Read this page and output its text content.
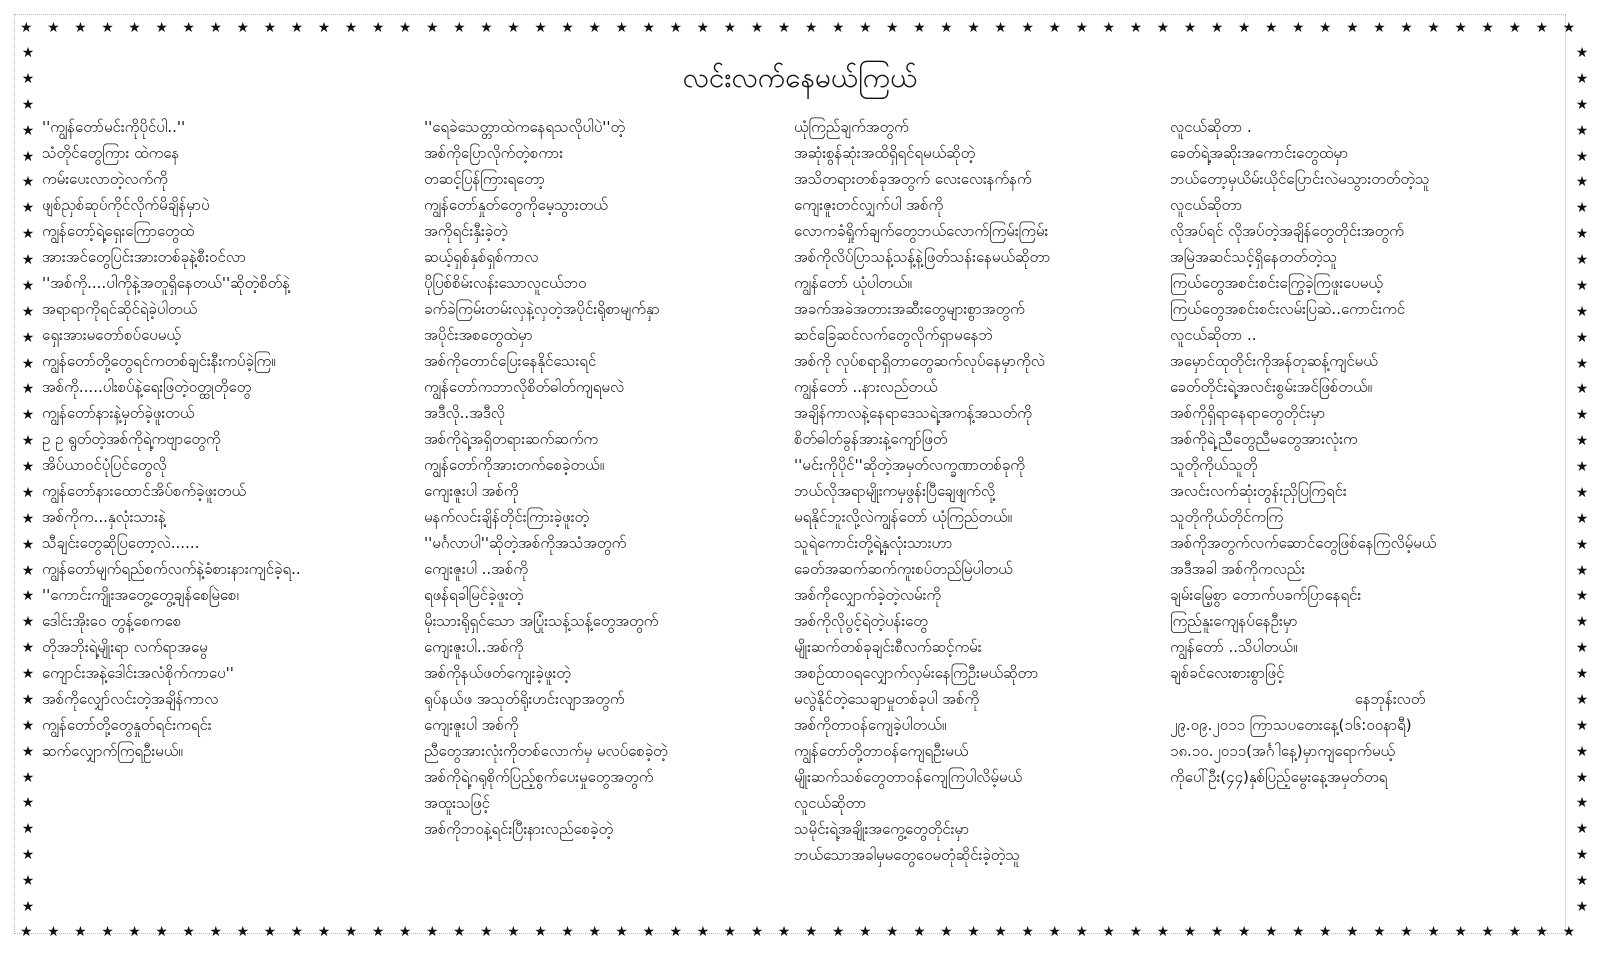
★ ★ ★ ★ ★ ★ ★ ★ ★ ★ ★ ★ ★ ★ ★ ★ ★ ★ ★ ★ ★ ★ ★ ★ ★ ★ ★ ★ ★ ★ ★ ★ ★ ★ ★ ★ ★ ★ ★ ★ ★ ★ ★ ★ ★ ★ ★ ★ ★ ★ ★ ★ ★ ★ ★ ★ ★ ★
★ ★ ★ ★ ★ ★ ★ ★ ★ ★ ★ ★ ★ ★ ★ ★ ★ ★ ★ ★ ★ ★ ★ ★ ★ ★ ★ ★ ★ ★ ★ ★ ★ ★ ★ ★ ★ ★ ★ ★ ★ ★ ★ ★ ★ ★ ★ ★ ★ ★ ★ ★ ★ ★ ★ ★ ★ ★
★
★
★
★
★
★
★
★
★
★
★
★
★
★
★
★
★
★
★
★
★
★
★
★
★
★
★
★
★
★
★
★
★
★
★
★
★
★
★
★
★
★
★
★
★
★
★
★
★
★
★
★
★
★
★
★
★
★
★
★
★
★
★
★
★
★
★
★
လင်းလက်နေမယ်ကြယ်
''ကျွန်တော်မင်းကိုပိုင်ပါ..''
သံတိုင်တွေကြား ထဲကနေ
ကမ်းပေးလာတဲ့လက်ကို
ဖျစ်ညှစ်ဆုပ်ကိုင်လိုက်မိချိန်မှာပဲ
ကျွန်တော့်ရဲ့ရှေးကြောတွေထဲ
အားအင်တွေပြင်းအားတစ်ခုနဲ့စီးဝင်လာ
''အစ်ကို....ပါကိုနဲ့အတူရှိနေတယ်''ဆိုတဲ့စိတ်နဲ့
အရာရာကိုရင်ဆိုင်ရဲခဲ့ပါတယ်
ရှေးအားမတော်စပ်ပေမယ့်
ကျွန်တော်တို့တွေရင်ကတစ်ချင်းနီးကပ်ခဲ့ကြ။
အစ်ကို.....ပါးစပ်နဲ့ရေးဖြတဲ့ဝတ္ထုတိုတွေ
ကျွန်တော်နားနဲ့မှတ်ခဲ့ဖူးတယ်
ဥ ဥ ရွတ်တဲ့အစ်ကိုရဲ့ကဗျာတွေကို
အိပ်ယာဝင်ပုံပြင်တွေလို
ကျွန်တော်နားထောင်အိပ်စက်ခဲ့ဖူးတယ်
အစ်ကိုက...နှလုံးသားနဲ့
သီချင်းတွေဆိုပြတော့လဲ......
ကျွန်တော်မျက်ရည်စက်လက်နဲ့ခံစားနားကျင်ခဲ့ရ..
''ကောင်းကျိုးအတွေ့တွေ့ချန်စေမြဲစေ၊
ဒေါင်းအိုးဝေ တွန့်စေကစေ
တိုအဘိုးရဲ့မျိုးရာ လက်ရာအမွေ
ကျောင်းအနဲ့ဒေါင်းအလံစိုက်ကာပေ''
အစ်ကိုလျှော်လင်းတဲ့အချိန်ကာလ
ကျွန်တော်တို့တွေနှုတ်ရင်းကရင်း
ဆက်လျှောက်ကြရဦးမယ်။
''ရေခဲသေတ္တာထဲကနေရသလိုပါပဲ''တဲ့
အစ်ကိုပြောလိုက်တဲ့စကား
တဆင့်ပြန်ကြားရတော့
ကျွန်တော်နှုတ်တွေကိုမေ့သွားတယ်
အကိုရင်းနှီးခဲ့တဲ့
ဆယ့်ရှစ်နှစ်ရှစ်ကာလ
ပိုပြစ်စိမ်းလန်းသောလူငယ်ဘဝ
ခက်ခဲကြမ်းတမ်းလှနဲ့လှတဲ့အပိုင်းရိုစာမျက်နှာ
အပိုင်းအစတွေထဲမှာ
အစ်ကိုတောင်ပြေးနေနိုင်သေးရင်
ကျွန်တော်ကဘာလိုစိတ်ဓါတ်ကျရမလဲ
အဒီလို..အဒီလို
အစ်ကိုရဲ့အရှိတရားဆက်ဆက်က
ကျွန်တော်ကိုအားတက်စေခဲ့တယ်။
ကျေးဇူးပါ အစ်ကို
မနက်လင်းချိန်တိုင်းကြားခဲ့ဖူးတဲ့
''မင်္ဂလာပါ''ဆိုတဲ့အစ်ကိုအသံအတွက်
ကျေးဇူးပါ ..အစ်ကို
ရဖန်ရခါမြင်ခဲ့ဖူးတဲ့
မိုးသားရိုရှင်သော အပြုံးသန့်သန့်တွေအတွက်
ကျေးဇူးပါ..အစ်ကို
အစ်ကိုနယ်ဖတ်ကျေးခဲ့ဖူးတဲ့
ရုပ်နယ်ဖ အသုတ်ရိုးဟင်းလျာအတွက်
ကျေးဇူးပါ အစ်ကို
ညီတွေအားလုံးကိုတစ်လောက်မှ မလပ်စေခဲ့တဲ့
အစ်ကိုရဲ့ဂရုစိုက်ပြည့်စွက်ပေးမှုတွေအတွက်
အထူးသဖြင့်
အစ်ကိုဘဝနဲ့ရင်းပြီးနားလည်စေခဲ့တဲ့
ယုံကြည်ချက်အတွက်
အဆုံးစွန်ဆုံးအထိရှိရင်ရမယ်ဆိုတဲ့
အသိတရားတစ်ခုအတွက် လေးလေးနက်နက်
ကျေးဇူးတင်လျှက်ပါ အစ်ကို
လောကခံရှိုက်ချက်တွေဘယ်လောက်ကြမ်းကြမ်း
အစ်ကိုလိပ်ပြာသန့်သန့်နဲ့ဖြတ်သန်းနေမယ်ဆိုတာ
ကျွန်တော် ယုံပါတယ်။
အခက်အခဲအတားအဆီးတွေများစွာအတွက်
ဆင်ခြေဆင်လက်တွေလိုက်ရှာမနေဘဲ
အစ်ကို လုပ်စရာရှိတာတွေဆက်လုပ်နေမှာကိုလဲ
ကျွန်တော် ..နားလည်တယ်
အချိန်ကာလနဲ့နေရာဒေသရဲ့အကန့်အသတ်ကို
စိတ်ဓါတ်ခွန်အားနဲ့ကျော်ဖြတ်
''မင်းကိုပိုင်''ဆိုတဲ့အမှတ်လက္ခဏာတစ်ခုကို
ဘယ်လိုအရာမျိုးကမှဖွန်းပြီချေဖျက်လို့
မရနိုင်ဘူးလို့လဲကျွန်တော် ယုံကြည်တယ်။
သူရဲကောင်းတို့ရဲ့နှလုံးသားဟာ
ခေတ်အဆက်ဆက်ကူးစပ်တည်မြဲပါတယ်
အစ်ကိုလျှောက်ခဲ့တဲ့လမ်းကို
အစ်ကိုလိုပွင့်ရဲတဲ့ပန်းတွေ
မျိုးဆက်တစ်ခုချင်းစီလက်ဆင့်ကမ်း
အစဉ်ထာဝရလျှောက်လှမ်းနေကြဦးမယ်ဆိုတာ
မလွဲနိုင်တဲ့သေချာမှုတစ်ခုပါ အစ်ကို
အစ်ကိုတာဝန်ကျေခဲ့ပါတယ်။
ကျွန်တော်တို့တာဝန်ကျေရဦးမယ်
မျိုးဆက်သစ်တွေတာဝန်ကျေကြပါလိမ့်မယ်
လူငယ်ဆိုတာ
သမိုင်းရဲ့အချိုးအကွေ့တွေတိုင်းမှာ
ဘယ်သောအခါမှမတွေဝေမတုံဆိုင်းခဲ့တဲ့သူ
လူငယ်ဆိုတာ .
ခေတ်ရဲ့အဆိုးအကောင်းတွေထဲမှာ
ဘယ်တော့မှယိမ်းယိုင်ပြောင်းလဲမသွားတတ်တဲ့သူ
လူငယ်ဆိုတာ
လိုအပ်ရင် လိုအပ်တဲ့အချိန်တွေတိုင်းအတွက်
အမြဲအဆင်သင့်ရှိနေတတ်တဲ့သူ
ကြယ်တွေအစင်းစင်းကြွေခဲ့ကြဖူးပေမယ့်
ကြယ်တွေအစင်းစင်းလမ်းပြဆဲ..ကောင်းကင်
လူငယ်ဆိုတာ ..
အမှောင်ထုတိုင်းကိုအန်တုဆန့်ကျင်မယ်
ခေတ်တိုင်းရဲ့အလင်းစွမ်းအင်ဖြစ်တယ်။
အစ်ကိုရှိရာနေရာတွေတိုင်းမှာ
အစ်ကိုရဲ့ညီတွေညီမတွေအားလုံးက
သူတိုကိုယ်သူတို
အလင်းလက်ဆုံးတွန်းညှိပြကြရင်း
သူတိုကိုယ်တိုင်ကကြ
အစ်ကိုအတွက်လက်ဆောင်တွေဖြစ်နေကြလိမ့်မယ်
အဒီအခါ အစ်ကိုကလည်း
ချမ်းမြေ့စွာ တောက်ပခက်ပြာနေရင်း
ကြည်နူးကျေနပ်နေဦးမှာ
ကျွန်တော် ..သိပါတယ်။
ချစ်ခင်လေးစားစွာဖြင့်
နေဘုန်းလတ်
၂၉.၀၉.၂၀၁၁ ကြာသပတေးနေ့(၁၆:၀၀နာရီ)
၁၈.၁၀.၂၀၁၁(အင်္ဂါနေ့)မှာကျရောက်မယ့်
ကိုပေါ်ဦး(၄၄)နှစ်ပြည့်မွေးနေ့အမှတ်တရ
